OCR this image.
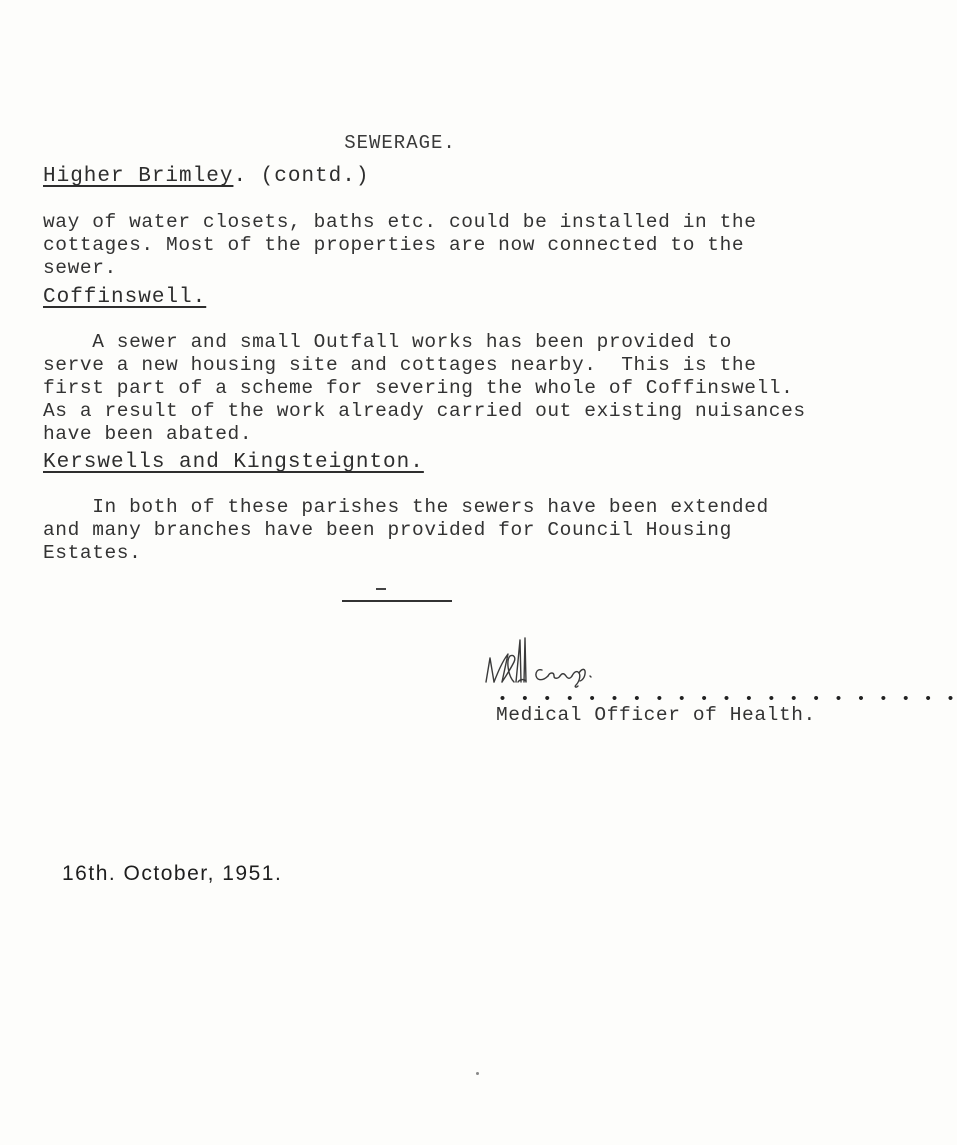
SEWERAGE.
Higher Brimley. (contd.)
way of water closets, baths etc. could be installed in the
cottages. Most of the properties are now connected to the
sewer.
Coffinswell.
A sewer and small Outfall works has been provided to
serve a new housing site and cottages nearby.  This is the
first part of a scheme for severing the whole of Coffinswell.
As a result of the work already carried out existing nuisances
have been abated.
Kerswells and Kingsteignton.
In both of these parishes the sewers have been extended
and many branches have been provided for Council Housing
Estates.
• • • • • • • • • • • • • • • • • • • • •
Medical Officer of Health.
16th. October, 1951.
